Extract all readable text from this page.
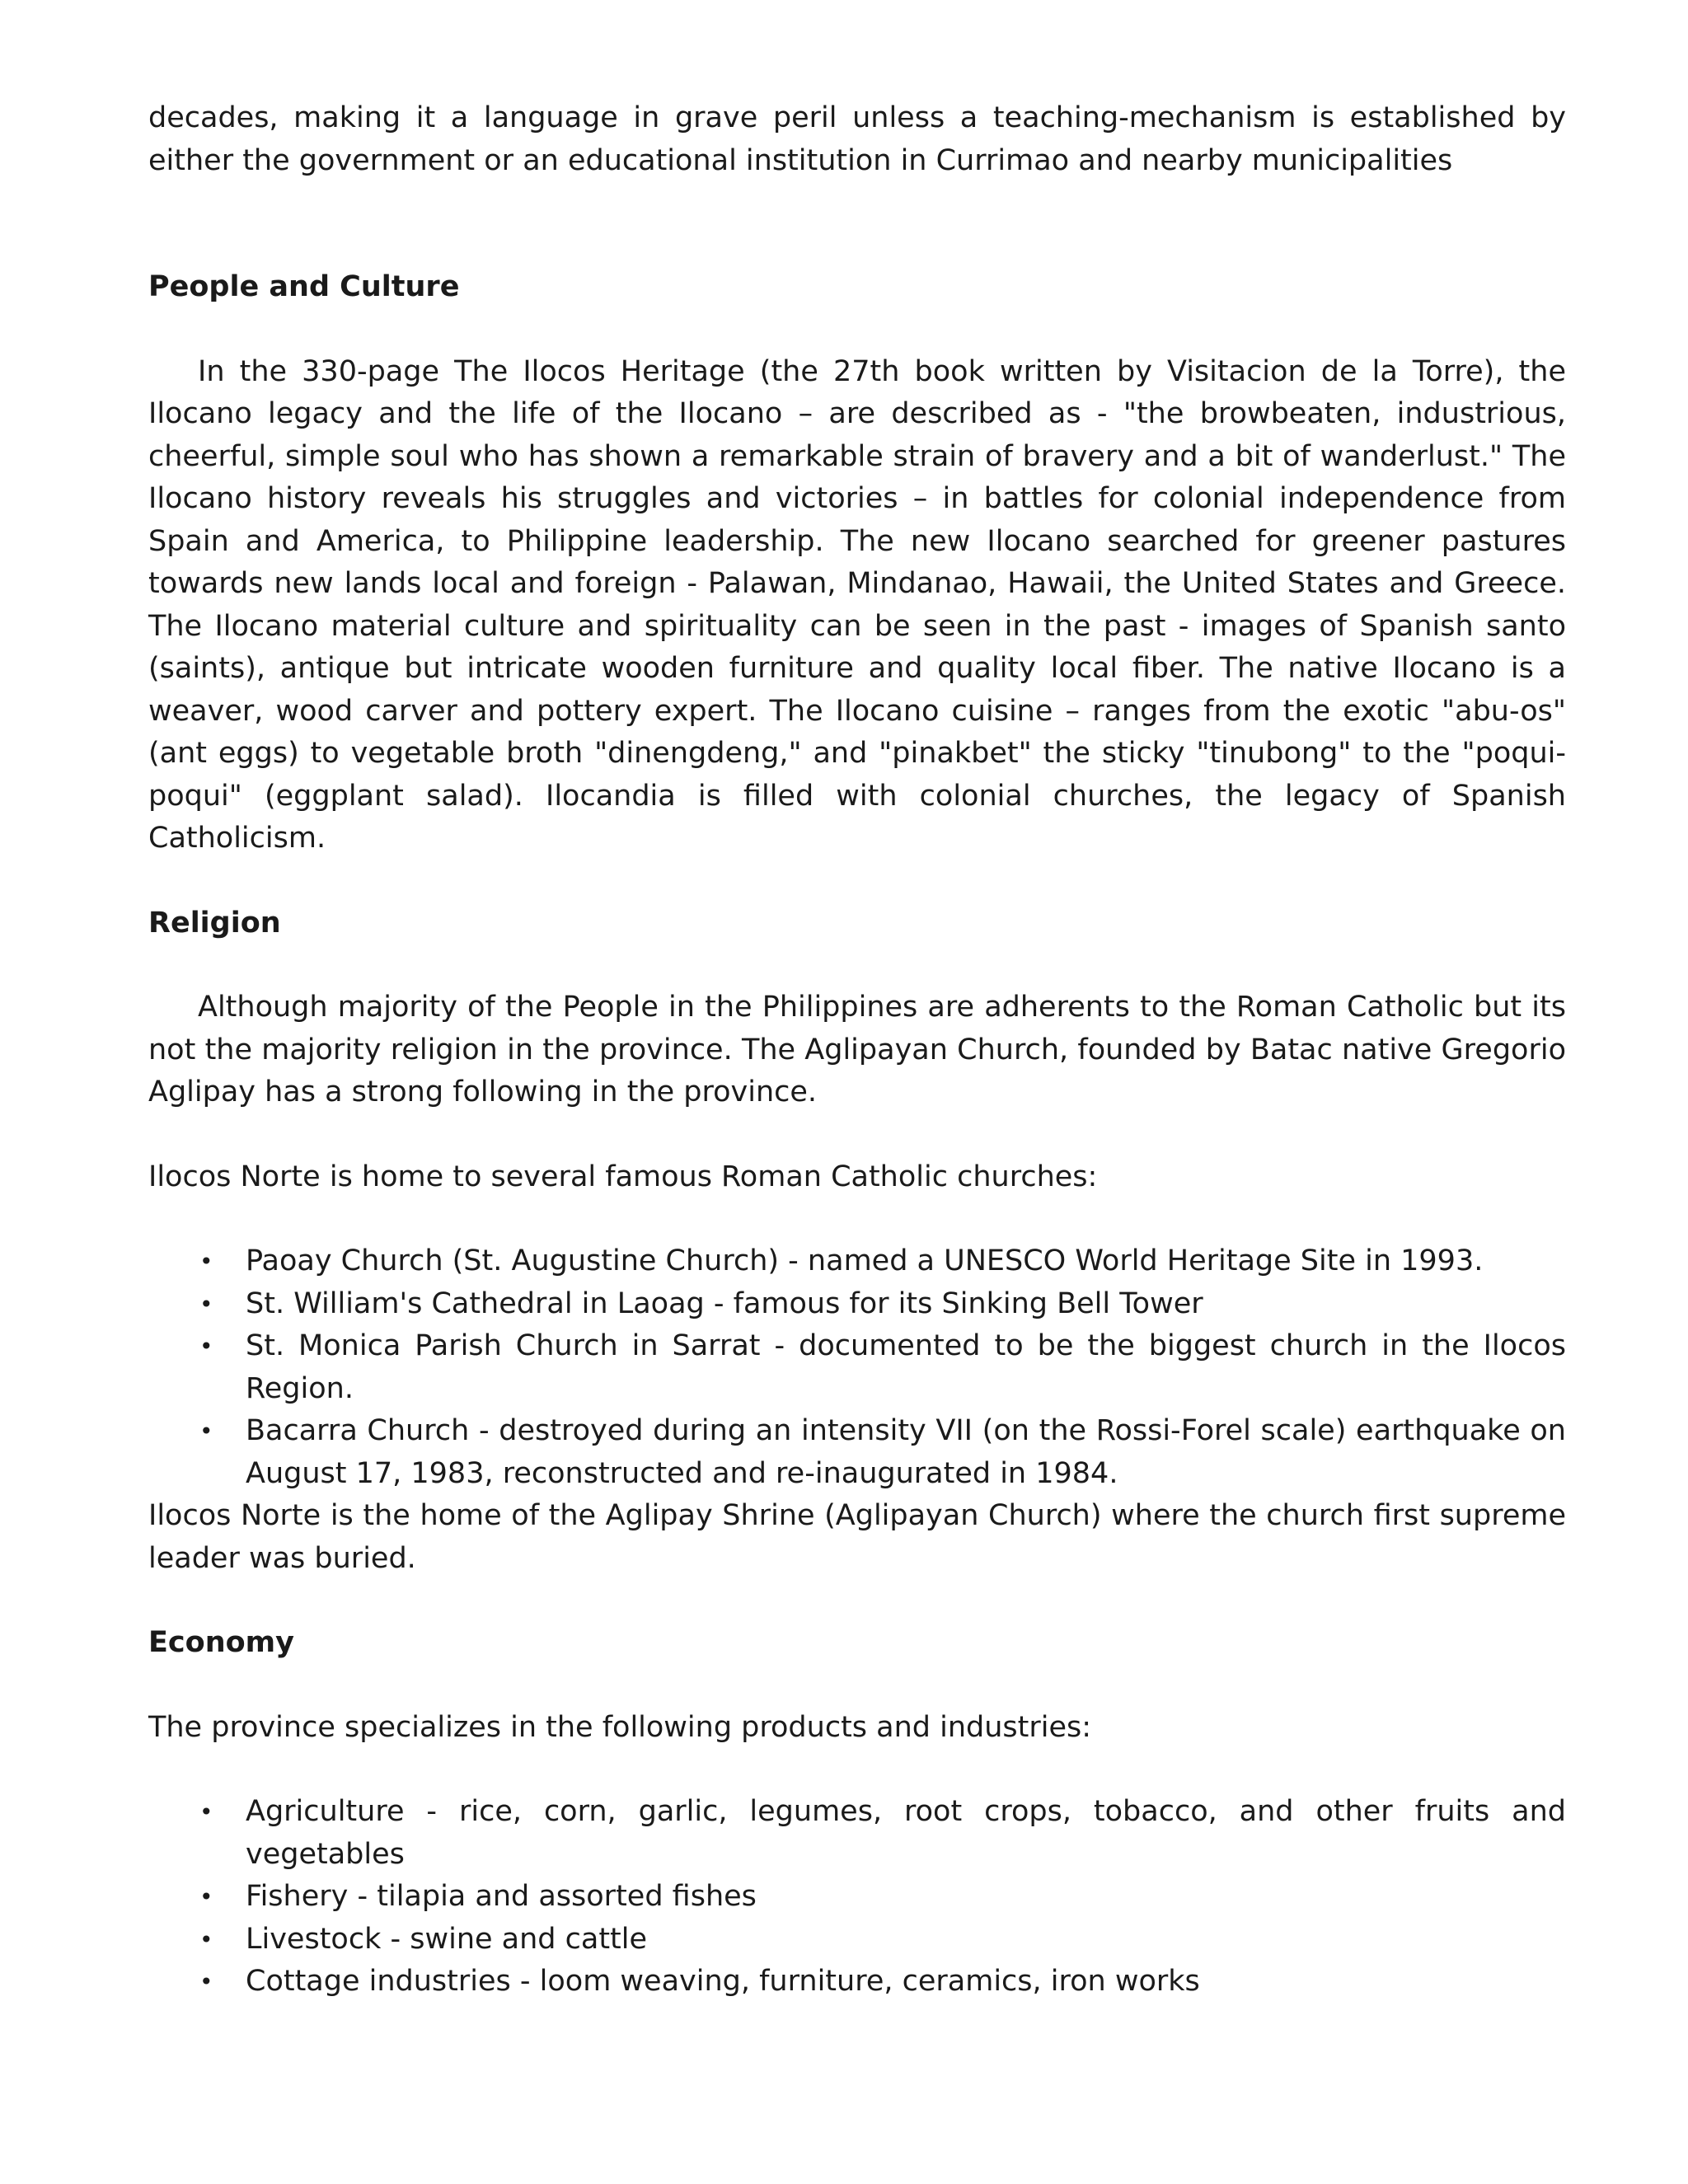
decades, making it a language in grave peril unless a teaching-mechanism is established by either the government or an educational institution in Currimao and nearby municipalities

People and Culture

In the 330-page The Ilocos Heritage (the 27th book written by Visitacion de la Torre), the Ilocano legacy and the life of the Ilocano – are described as - "the browbeaten, industrious, cheerful, simple soul who has shown a remarkable strain of bravery and a bit of wanderlust." The Ilocano history reveals his struggles and victories – in battles for colonial independence from Spain and America, to Philippine leadership. The new Ilocano searched for greener pastures towards new lands local and foreign - Palawan, Mindanao, Hawaii, the United States and Greece. The Ilocano material culture and spirituality can be seen in the past - images of Spanish santo (saints), antique but intricate wooden furniture and quality local fiber. The native Ilocano is a weaver, wood carver and pottery expert. The Ilocano cuisine – ranges from the exotic "abu-os" (ant eggs) to vegetable broth "dinengdeng," and "pinakbet" the sticky "tinubong" to the "poqui-poqui" (eggplant salad). Ilocandia is filled with colonial churches, the legacy of Spanish Catholicism.

Religion

Although majority of the People in the Philippines are adherents to the Roman Catholic but its not the majority religion in the province. The Aglipayan Church, founded by Batac native Gregorio Aglipay has a strong following in the province.

Ilocos Norte is home to several famous Roman Catholic churches:

• Paoay Church (St. Augustine Church) - named a UNESCO World Heritage Site in 1993.
• St. William's Cathedral in Laoag - famous for its Sinking Bell Tower
• St. Monica Parish Church in Sarrat - documented to be the biggest church in the Ilocos Region.
• Bacarra Church - destroyed during an intensity VII (on the Rossi-Forel scale) earthquake on August 17, 1983, reconstructed and re-inaugurated in 1984.

Ilocos Norte is the home of the Aglipay Shrine (Aglipayan Church) where the church first supreme leader was buried.

Economy

The province specializes in the following products and industries:

• Agriculture - rice, corn, garlic, legumes, root crops, tobacco, and other fruits and vegetables
• Fishery - tilapia and assorted fishes
• Livestock - swine and cattle
• Cottage industries - loom weaving, furniture, ceramics, iron works
